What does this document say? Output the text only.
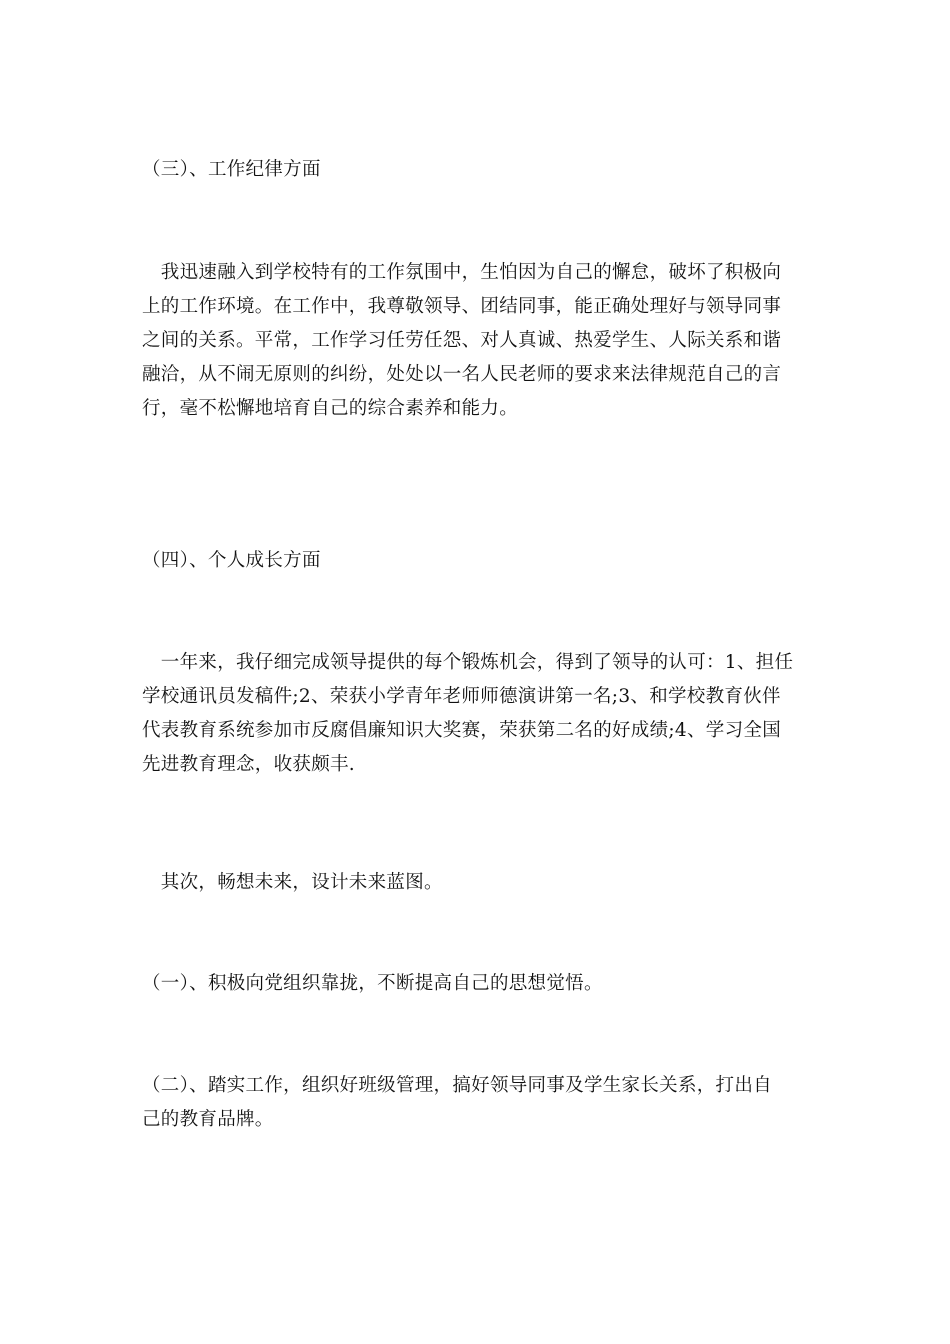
（三）、工作纪律方面
　我迅速融入到学校特有的工作氛围中，生怕因为自己的懈怠，破坏了积极向
上的工作环境。在工作中，我尊敬领导、团结同事，能正确处理好与领导同事
之间的关系。平常，工作学习任劳任怨、对人真诚、热爱学生、人际关系和谐
融洽，从不闹无原则的纠纷，处处以一名人民老师的要求来法律规范自己的言
行，毫不松懈地培育自己的综合素养和能力。
（四）、个人成长方面
　一年来，我仔细完成领导提供的每个锻炼机会，得到了领导的认可：1、担任
学校通讯员发稿件;2、荣获小学青年老师师德演讲第一名;3、和学校教育伙伴
代表教育系统参加市反腐倡廉知识大奖赛，荣获第二名的好成绩;4、学习全国
先进教育理念，收获颇丰.
　其次，畅想未来，设计未来蓝图。
（一）、积极向党组织靠拢，不断提高自己的思想觉悟。
（二）、踏实工作，组织好班级管理，搞好领导同事及学生家长关系，打出自
己的教育品牌。
